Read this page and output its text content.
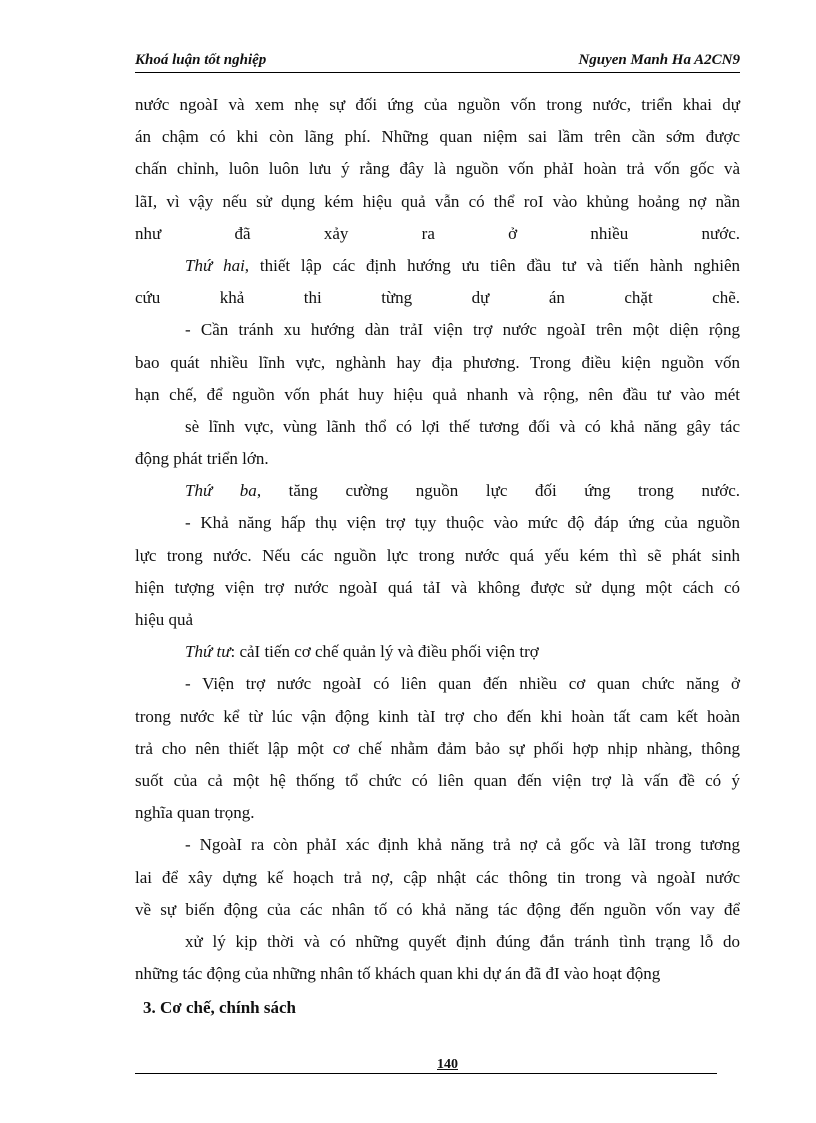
Khoá luận tốt nghiệp	Nguyen Manh Ha A2CN9
nước ngoàI và xem nhẹ sự đối ứng của nguồn vốn trong nước, triển khai dự
án chậm có khi còn lãng phí. Những quan niệm sai lầm trên cần sớm được
chấn chỉnh, luôn luôn lưu ý rằng đây là nguồn vốn phảI hoàn trả vốn gốc và
lãI, vì vậy nếu sử dụng kém hiệu quả vẫn có thể roI vào khủng hoảng nợ nần
như đã xảy ra ở nhiều nước.
Thứ hai, thiết lập các định hướng ưu tiên đầu tư và tiến hành nghiên
cứu khả thi từng dự án chặt chẽ.
- Cần tránh xu hướng dàn trảI viện trợ nước ngoàI trên một diện rộng
bao quát nhiều lĩnh vực, nghành hay địa phương. Trong điều kiện nguồn vốn
hạn chế, để nguồn vốn phát huy hiệu quả nhanh và rộng, nên đầu tư vào mét
sè lĩnh vực, vùng lãnh thổ có lợi thế tương đối và có khả năng gây tác
động phát triển lớn.
Thứ ba, tăng cường nguồn lực đối ứng trong nước.
- Khả năng hấp thụ viện trợ tụy thuộc vào mức độ đáp ứng của nguồn
lực trong nước. Nếu các nguồn lực trong nước quá yếu kém thì sẽ phát sinh
hiện tượng viện trợ nước ngoàI quá tảI và không được sử dụng một cách có
hiệu quả
Thứ tư: cảI tiến cơ chế quản lý và điều phối viện trợ
- Viện trợ nước ngoàI có liên quan đến nhiều cơ quan chức năng ở
trong nước kể từ lúc vận động kinh tàI trợ cho đến khi hoàn tất cam kết hoàn
trả cho nên thiết lập một cơ chế nhằm đảm bảo sự phối hợp nhịp nhàng, thông
suốt của cả một hệ thống tổ chức có liên quan đến viện trợ là vấn đề có ý
nghĩa quan trọng.
- NgoàI ra còn phảI xác định khả năng trả nợ cả gốc và lãI trong tương
lai để xây dựng kế hoạch trả nợ, cập nhật các thông tin trong và ngoàI nước
về sự biến động của các nhân tố có khả năng tác động đến nguồn vốn vay để
xử lý kịp thời và có những quyết định đúng đắn tránh tình trạng lỗ do
những tác động của những nhân tố khách quan khi dự án đã đI vào hoạt động
3. Cơ chế, chính sách
140
